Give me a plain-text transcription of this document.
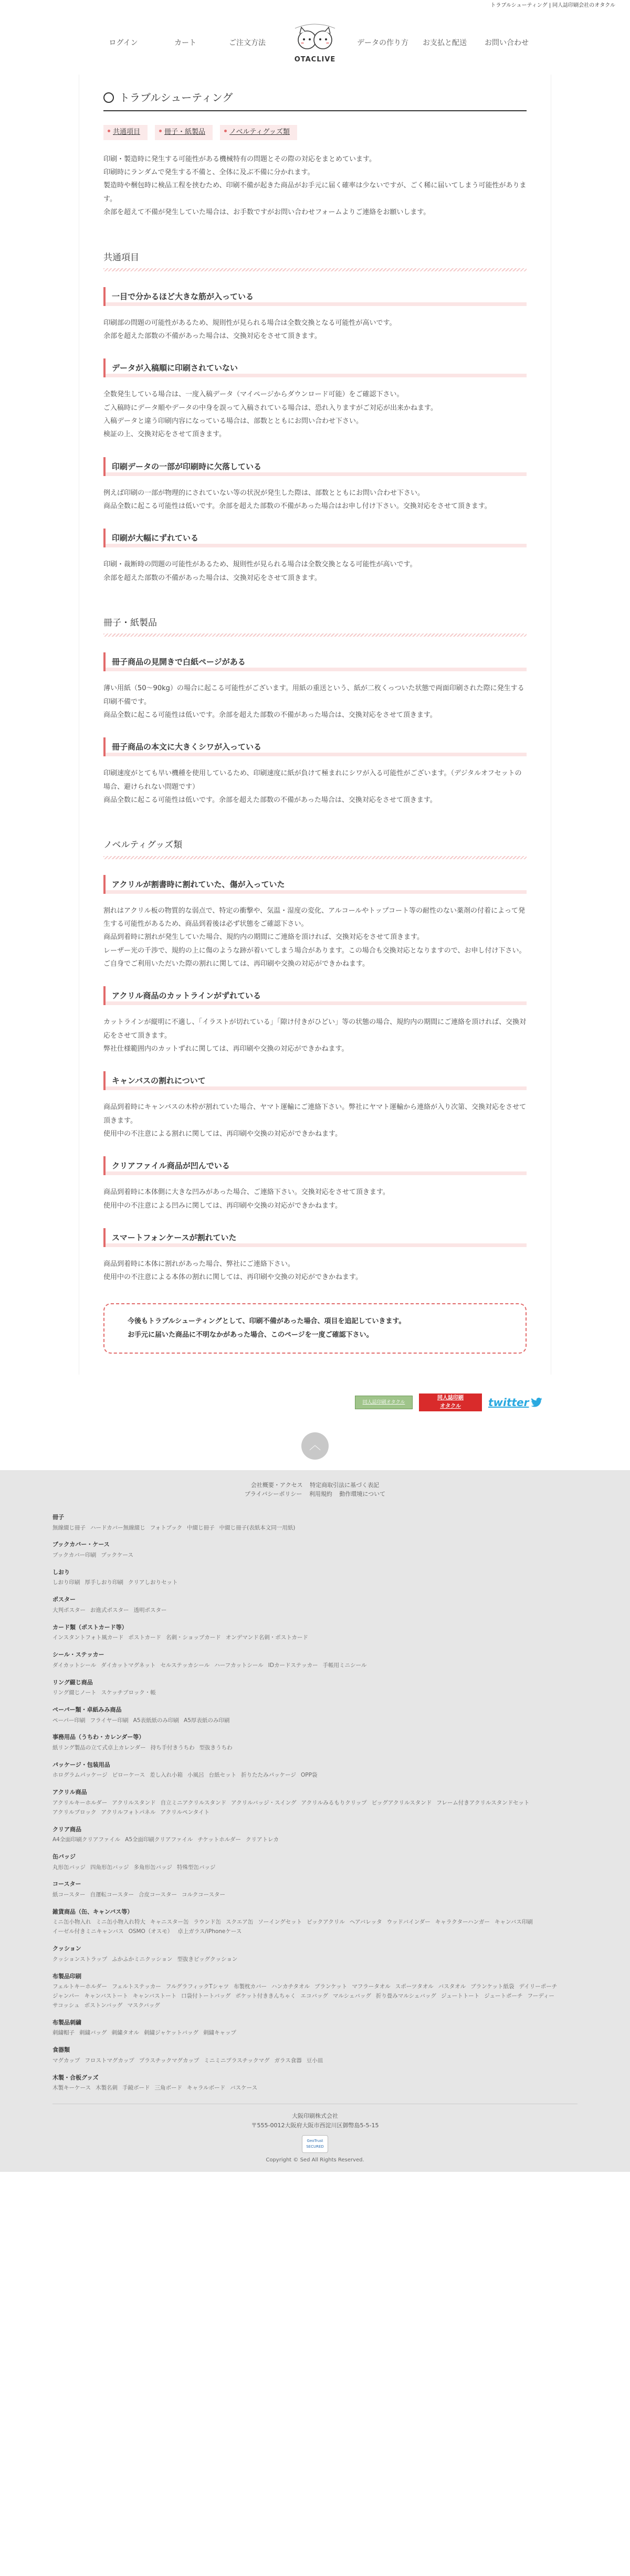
トラブルシューティング | 同人誌印刷会社のオタクル
ログイン	カート	ご注文方法
OTACLIVE
データの作り方	お支払と配送	お問い合わせ
トラブルシューティング
共通項目	冊子・紙製品	ノベルティグッズ類

印刷・製造時に発生する可能性がある機械特有の問題とその際の対応をまとめています。

印刷時にランダムで発生する不備と、全体に及ぶ不備に分かれます。

製造時や梱包時に検品工程を挟むため、印刷不備が起きた商品がお手元に届く確率は少ないですが、ごく稀に届いてしまう可能性があります。

余部を超えて不備が発生していた場合は、お手数ですがお問い合わせフォームよりご連絡をお願いします。

共通項目
一目で分かるほど大きな筋が入っている

印刷部の問題の可能性があるため、規則性が見られる場合は全数交換となる可能性が高いです。

余部を超えた部数の不備があった場合は、交換対応をさせて頂きます。

データが入稿順に印刷されていない

全数発生している場合は、一度入稿データ（マイページからダウンロード可能）をご確認下さい。

ご入稿時にデータ順やデータの中身を誤って入稿されている場合は、恐れ入りますがご対応が出来かねます。

入稿データと違う印刷内容になっている場合は、部数とともにお問い合わせ下さい。

検証の上、交換対応をさせて頂きます。

印刷データの一部が印刷時に欠落している

例えば印刷の一部が物理的にされていない等の状況が発生した際は、部数とともにお問い合わせ下さい。

商品全数に起こる可能性は低いです。余部を超えた部数の不備があった場合はお申し付け下さい。交換対応をさせて頂きます。

印刷が大幅にずれている

印刷・裁断時の問題の可能性があるため、規則性が見られる場合は全数交換となる可能性が高いです。

余部を超えた部数の不備があった場合は、交換対応をさせて頂きます。

冊子・紙製品
冊子商品の見開きで白紙ページがある

薄い用紙（50〜90kg）の場合に起こる可能性がございます。用紙の重送という、紙が二枚くっついた状態で両面印刷された際に発生する印刷不備です。

商品全数に起こる可能性は低いです。余部を超えた部数の不備があった場合は、交換対応をさせて頂きます。

冊子商品の本文に大きくシワが入っている

印刷速度がとても早い機種を使用しているため、印刷速度に紙が負けて極まれにシワが入る可能性がございます。（デジタルオフセットの場合、避けられない問題です）

商品全数に起こる可能性は低いです。余部を超えた部数の不備があった場合は、交換対応をさせて頂きます。

ノベルティグッズ類
アクリルが割書時に割れていた、傷が入っていた

割れはアクリル板の物質的な弱点で、特定の衝撃や、気温・湿度の変化、アルコールやトップコート等の耐性のない薬剤の付着によって発生する可能性があるため、商品到着後は必ず状態をご確認下さい。

商品到着時に割れが発生していた場合、規約内の期間にご連絡を頂ければ、交換対応をさせて頂きます。

レーザー光の千渉で、規約の上に傷のような跡が着いてしまう場合があります。この場合も交換対応となりますので、お申し付け下さい。

ご自身でご利用いただいた際の割れに関しては、再印刷や交換の対応ができかねます。

アクリル商品のカットラインがずれている

カットラインが縦明に不適し、「イラストが切れている」「隙け付きがひどい」等の状態の場合、規約内の期間にご連絡を頂ければ、交換対応をさせて頂きます。

弊社仕様範囲内のカットずれに関しては、再印刷や交換の対応ができかねます。

キャンバスの割れについて

商品到着時にキャンバスの木枠が割れていた場合、ヤマト運輸にご連絡下さい。弊社にヤマト運輸から連絡が入り次第、交換対応をさせて頂きます。

使用中の不注意による割れに関しては、再印刷や交換の対応ができかねます。

クリアファイル商品が凹んでいる

商品到着時に本体側に大きな凹みがあった場合、ご連絡下さい。交換対応をさせて頂きます。

使用中の不注意による凹みに関しては、再印刷や交換の対応ができかねます。

スマートフォンケースが割れていた

商品到着時に本体に割れがあった場合、弊社にご連絡下さい。

使用中の不注意による本体の割れに関しては、再印刷や交換の対応ができかねます。

今後もトラブルシューティングとして、印刷不備があった場合、項目を追記していきます。

お手元に届いた商品に不明なかがあった場合、このページを一度ご確認下さい。

同人誌印刷オタクル
同人誌印刷
オタクル	twitter
︿
会社概要・アクセス 特定商取引法に基づく表記
プライバシーポリシー 利用規約 動作環境について
冊子
無線綴じ冊子 ハードカバー無線綴じ フォトブック 中綴じ冊子 中綴じ冊子(表紙本文同一用紙)
ブックカバー・ケース
ブックカバー印刷 ブックケース
しおり
しおり印刷 厚手しおり印刷 クリアしおりセット
ポスター
大判ポスター お進式ポスター 透明ポスター
カード類（ポストカード等）
インスタントフォト風カード ポストカード 名刺・ショップカード オンデマンド名刺・ポストカード
シール・ステッカー
ダイカットシール ダイカットマグネット セルステッカシール ハーフカットシール IDカードステッカー 手帳用ミニシール
リング綴じ商品
リング綴じノート スケッチブロック・帳
ペーパー類・卓紙みみ商品
ペーパー印刷 フライヤー印刷 A5表紙紙のみ印刷 A5厚表紙のみ印刷
事務用品（うちわ・カレンダー等）
紙リング製品の立て式卓上カレンダー 持ち手付きうちわ 型抜きうちわ
パッケージ・包装用品
ホログラムパッケージ ピローケース 差し入れ小箱 小風呂 台紙セット 折りたたみパッケージ OPP袋
アクリル商品
アクリルキーホルダー アクリルスタンド 自立ミニアクリルスタンド アクリルバッジ・スイング アクリルみるもりクリップ ビッグアクリルスタンド フレーム付きアクリルスタンドセットアクリルブロック アクリルフォトパネル アクリルペンタイト
クリア商品
A4全面印刷クリアファイル A5全面印刷クリアファイル チケットホルダー クリアトレカ
缶バッジ
丸形缶バッジ 四角形缶バッジ 多角形缶バッジ 特殊型缶バッジ
コースター
紙コースター 自運転コースター 合皮コースター コルクコースター
雑貨商品（缶、キャンバス等）
ミニ缶小物入れ ミニ缶小物入れ特大 キャニスター缶 ラウンド缶 スクエア缶 ソーイングセット ピックアクリル ヘアバレッタ ウッドバインダー キャラクターハンガー キャンバス印刷イーゼル付きミニキャンバス OSMO（オスモ） 卓上ガラス/iPhoneケース
クッション
クッションストラップ ふかふかミニクッション 型抜きビッグクッション
布製品印刷
フェルトキーホルダー フェルトステッカー フルグラフィックTシャツ 布製枕カバー ハンカチタオル ブランケット マフラータオル スポーツタオル バスタオル ブランケット紙袋 デイリーポーチジャンパー キャンバストート キャンバストート 口袋付トートバッグ ポケット付ききんちゃく エコバッグ マルシェバッグ 折り畳みマルシェバッグ ジュートトート ジュートポーチ フーディーサコッシュ ボストンバッグ マスクバッグ
布製品刺繍
刺繍帽子 刺繍バッグ 刺繍タオル 刺繍ジャケットバッグ 刺繍キャップ
食器類
マグカップ フロストマグカップ プラスチックマグカップ ミニミニプラスチックマグ ガラス食器 豆小皿
木製・合板グッズ
木製キーケース 木製名刺 手鏡ボード 三角ボード キャラルボード バスケース
大阪印刷株式会社
〒555-0012大阪府大阪市西淀川区御幣島5-5-15
GeoTrust SECURED
Copyright © Sed All Rights Reserved.
